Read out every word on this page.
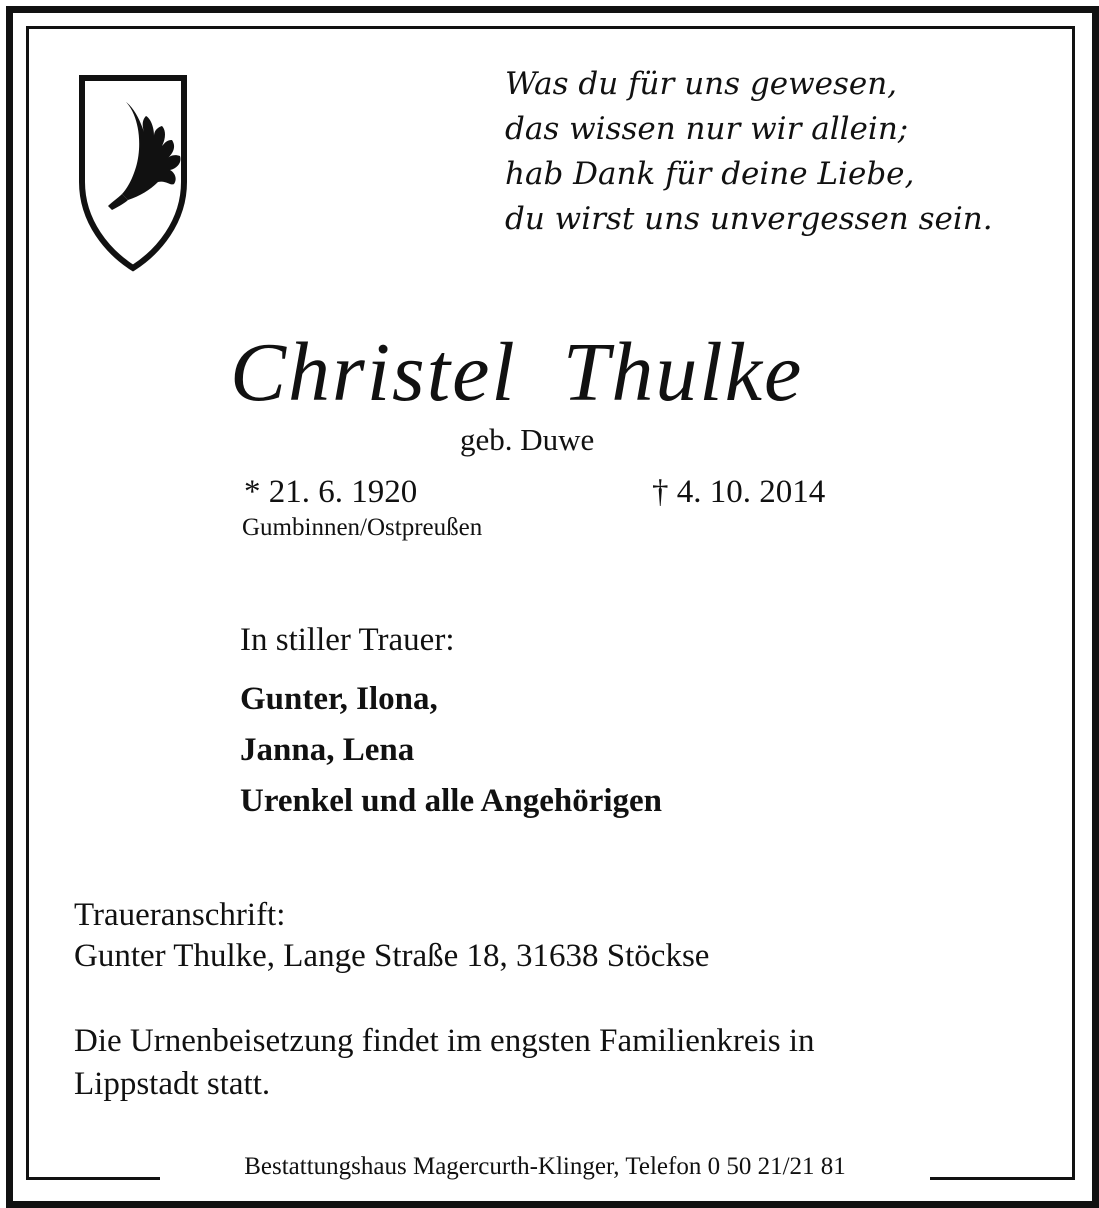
Was du für uns gewesen,
das wissen nur wir allein;
hab Dank für deine Liebe,
du wirst uns unvergessen sein.
Christel  Thulke
geb. Duwe
* 21. 6. 1920	† 4. 10. 2014
Gumbinnen/Ostpreußen
In stiller Trauer:
Gunter, Ilona,
Janna, Lena
Urenkel und alle Angehörigen
Traueranschrift:
Gunter Thulke, Lange Straße 18, 31638 Stöckse
Die Urnenbeisetzung findet im engsten Familienkreis in
Lippstadt statt.
Bestattungshaus Magercurth-Klinger, Telefon 0 50 21/21 81
